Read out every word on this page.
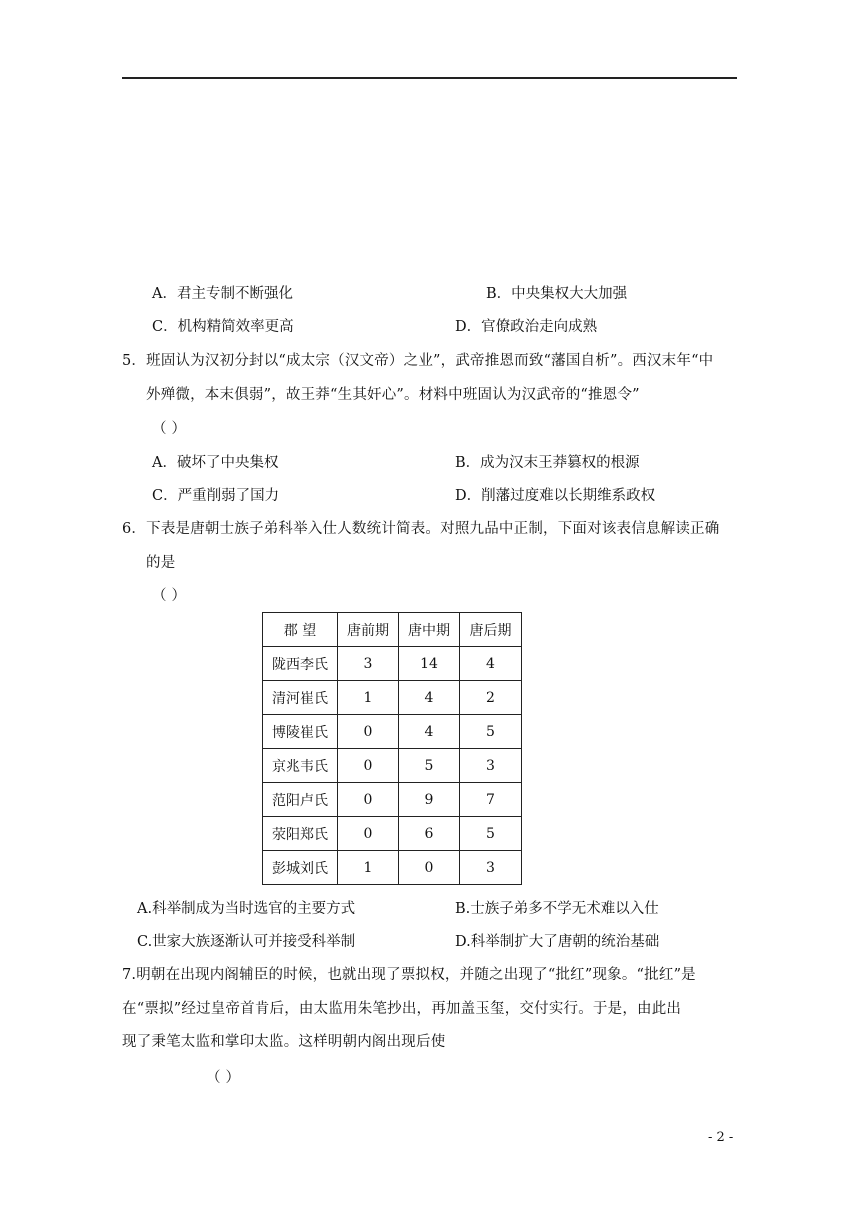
A．君主专制不断强化	B．中央集权大大加强
C．机构精简效率更高	D．官僚政治走向成熟
5．班固认为汉初分封以“成太宗（汉文帝）之业”，武帝推恩而致“藩国自析”。西汉末年“中
外殚微，本末俱弱”，故王莽“生其奸心”。材料中班固认为汉武帝的“推恩令”
（ ）
A．破坏了中央集权	B．成为汉末王莽篡权的根源
C．严重削弱了国力	D．削藩过度难以长期维系政权
6．下表是唐朝士族子弟科举入仕人数统计简表。对照九品中正制，下面对该表信息解读正确
的是
（ ）
郡 望	唐前期	唐中期	唐后期
陇西李氏	3	14	4
清河崔氏	1	4	2
博陵崔氏	0	4	5
京兆韦氏	0	5	3
范阳卢氏	0	9	7
荥阳郑氏	0	6	5
彭城刘氏	1	0	3
A.科举制成为当时选官的主要方式	B.士族子弟多不学无术难以入仕
C.世家大族逐渐认可并接受科举制	D.科举制扩大了唐朝的统治基础
7.明朝在出现内阁辅臣的时候，也就出现了票拟权，并随之出现了“批红”现象。“批红”是
在“票拟”经过皇帝首肯后，由太监用朱笔抄出，再加盖玉玺，交付实行。于是，由此出
现了秉笔太监和掌印太监。这样明朝内阁出现后使
（ ）
- 2 -
